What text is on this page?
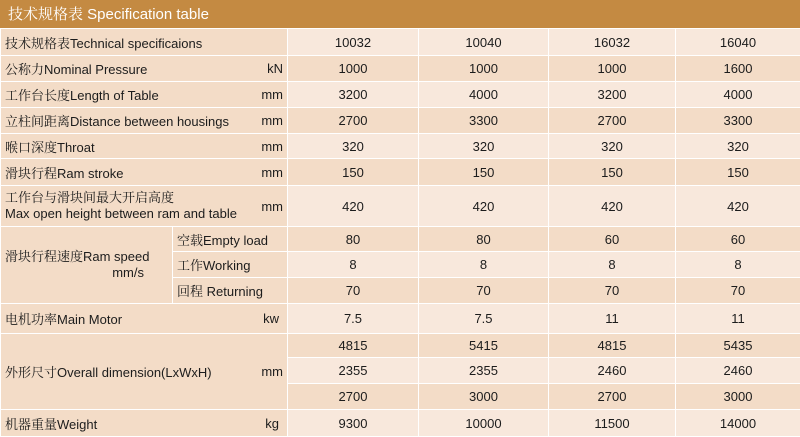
技术规格表 Specification table
技术规格表Technical specificaions		10032	10040	16032	16040

公称力Nominal Pressure kN		1000	1000	1000	1600

工作台长度Length of Table mm		3200	4000	3200	4000

立柱间距离Distance between housings mm		2700	3300	2700	3300

喉口深度Throat mm		320	320	320	320

滑块行程Ram stroke mm		150	150	150	150

工作台与滑块间最大开启高度
Max open height between ram and table mm		420	420	420	420

滑块行程速度Ram speed
mm/s	空载Empty load	80	80	60	60
	工作Working	8	8	8	8
	回程 Returning	70	70	70	70

电机功率Main Motor kw		7.5	7.5	11	11

外形尺寸Overall dimension(LxWxH) mm		4815	5415	4815	5435
		2355	2355	2460	2460
		2700	3000	2700	3000

机器重量Weight kg		9300	10000	11500	14000
